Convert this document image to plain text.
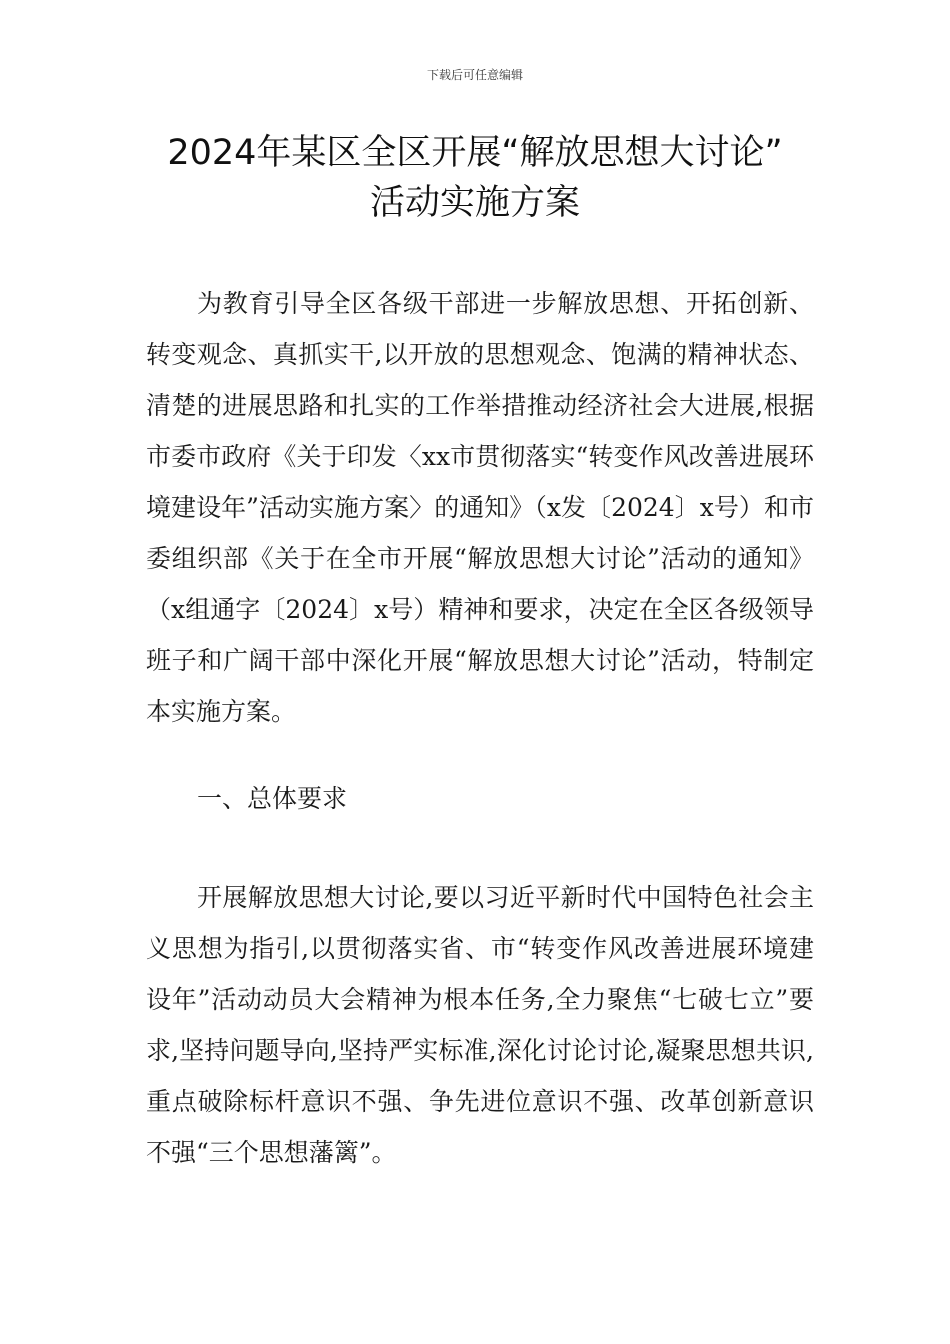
下载后可任意编辑
2024年某区全区开展“解放思想大讨论”
活动实施方案

为教育引导全区各级干部进一步解放思想、开拓创新、转变观念、真抓实干,以开放的思想观念、饱满的精神状态、清楚的进展思路和扎实的工作举措推动经济社会大进展,根据市委市政府《关于印发〈xx市贯彻落实“转变作风改善进展环境建设年”活动实施方案〉的通知》（x发〔2024〕x号）和市委组织部《关于在全市开展“解放思想大讨论”活动的通知》（x组通字〔2024〕x号）精神和要求，决定在全区各级领导班子和广阔干部中深化开展“解放思想大讨论”活动，特制定本实施方案。

一、总体要求

开展解放思想大讨论,要以习近平新时代中国特色社会主义思想为指引,以贯彻落实省、市“转变作风改善进展环境建设年”活动动员大会精神为根本任务,全力聚焦“七破七立”要求,坚持问题导向,坚持严实标准,深化讨论讨论,凝聚思想共识,重点破除标杆意识不强、争先进位意识不强、改革创新意识不强“三个思想藩篱”。
